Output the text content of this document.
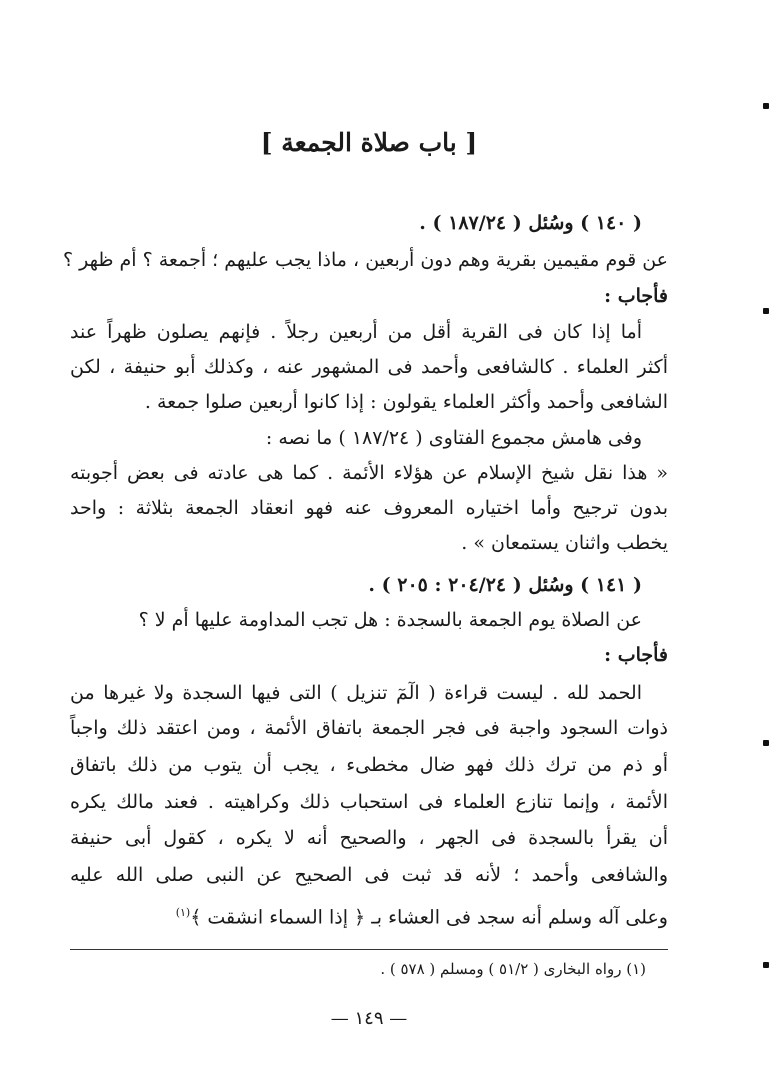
[ باب صلاة الجمعة ]
( ١٤٠ ) وسُئل ( ١٨٧/٢٤ ) .
عن قوم مقيمين بقرية وهم دون أربعين ، ماذا يجب عليهم ؛ أجمعة ؟ أم ظهر ؟
فأجاب :
أما إذا كان فى القرية أقل من أربعين رجلاً . فإنهم يصلون ظهراً عند
أكثر العلماء . كالشافعى وأحمد فى المشهور عنه ، وكذلك أبو حنيفة ، لكن
الشافعى وأحمد وأكثر العلماء يقولون : إذا كانوا أربعين صلوا جمعة .
وفى هامش مجموع الفتاوى ( ١٨٧/٢٤ ) ما نصه :
« هذا نقل شيخ الإسلام عن هؤلاء الأئمة . كما هى عادته فى بعض أجوبته
بدون ترجيح وأما اختياره المعروف عنه فهو انعقاد الجمعة بثلاثة : واحد
يخطب واثنان يستمعان » .
( ١٤١ ) وسُئل ( ٢٠٤/٢٤ : ٢٠٥ ) .
عن الصلاة يوم الجمعة بالسجدة : هل تجب المداومة عليها أم لا ؟
فأجاب :
الحمد لله . ليست قراءة ( الٓمٓ تنزيل ) التى فيها السجدة ولا غيرها من
ذوات السجود واجبة فى فجر الجمعة باتفاق الأئمة ، ومن اعتقد ذلك واجباً
أو ذم من ترك ذلك فهو ضال مخطىء ، يجب أن يتوب من ذلك باتفاق
الأئمة ، وإنما تنازع العلماء فى استحباب ذلك وكراهيته . فعند مالك يكره
أن يقرأ بالسجدة فى الجهر ، والصحيح أنه لا يكره ، كقول أبى حنيفة
والشافعى وأحمد ؛ لأنه قد ثبت فى الصحيح عن النبى صلى الله عليه
وعلى آله وسلم أنه سجد فى العشاء بـ ﴿ إذا السماء انشقت ﴾$^{(١)}$
(١) رواه البخارى ( ٥١/٢ ) ومسلم ( ٥٧٨ ) .
— ١٤٩ —
